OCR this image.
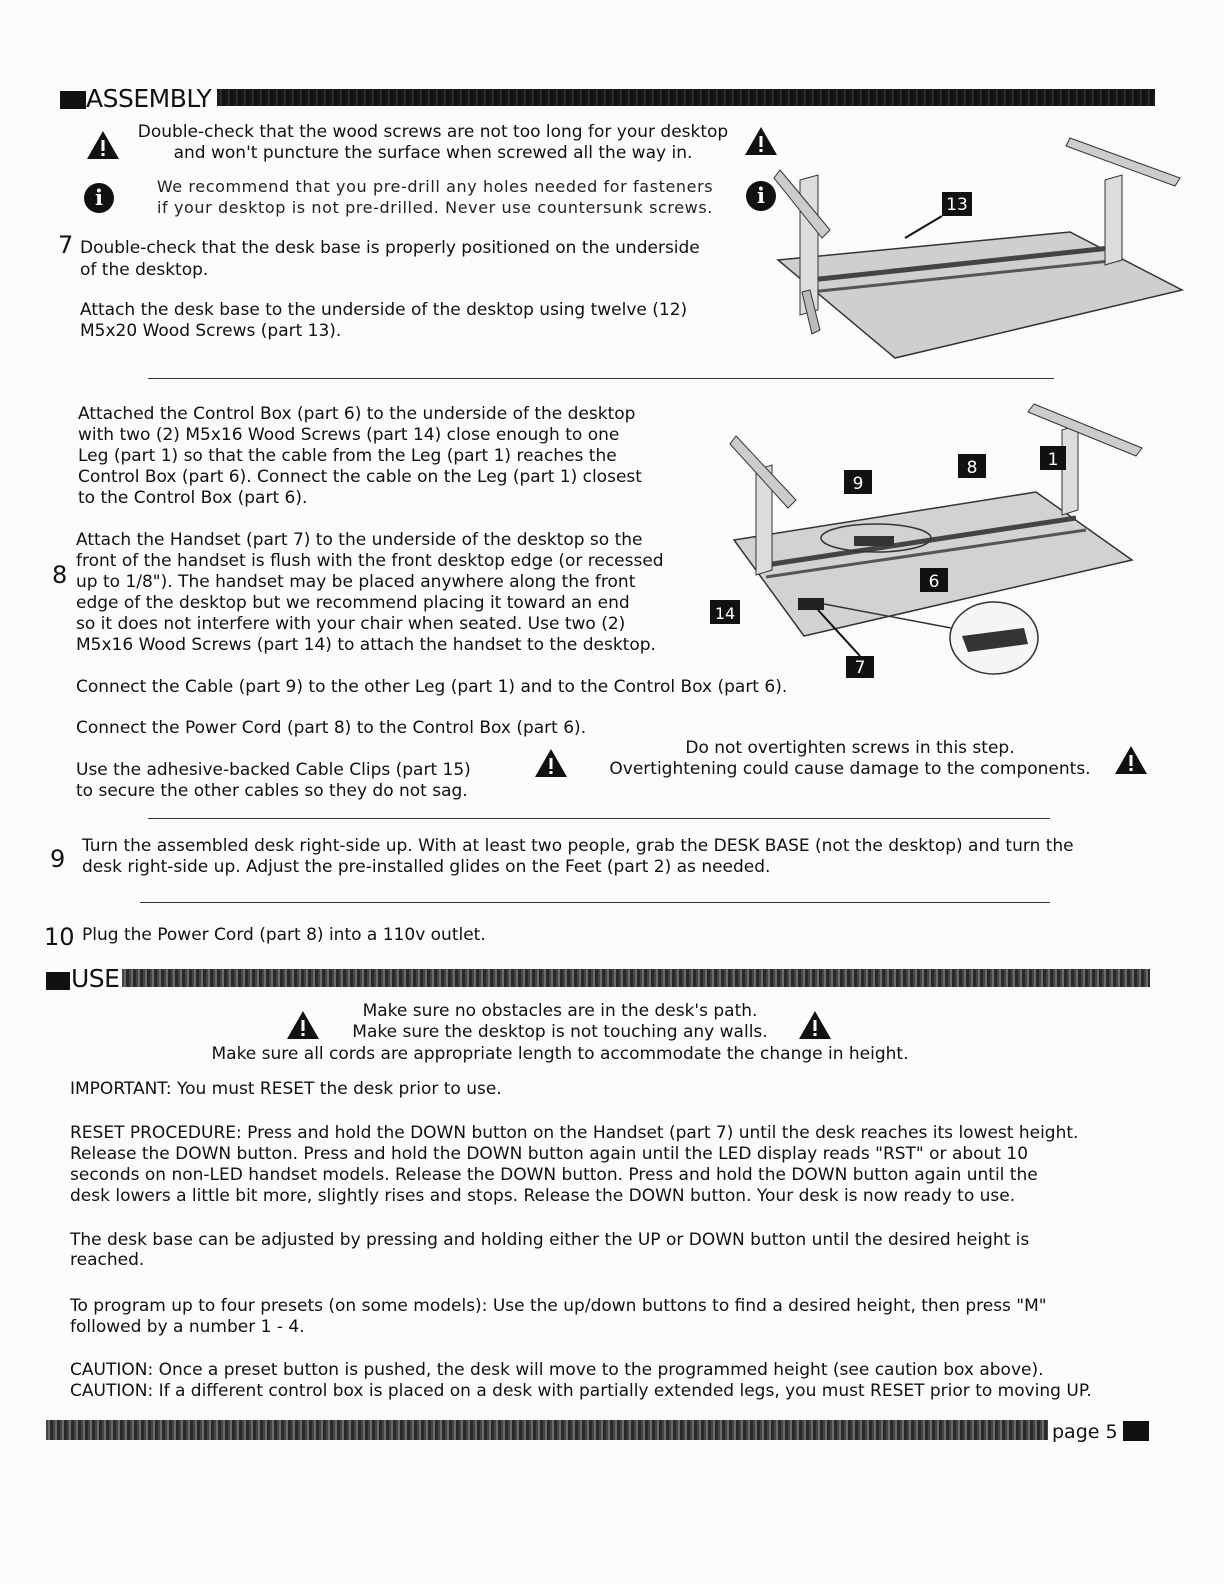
ASSEMBLY
Double-check that the wood screws are not too long for your desktop
and won't puncture the surface when screwed all the way in.
i	We recommend that you pre-drill any holes needed for fasteners
if your desktop is not pre-drilled. Never use countersunk screws.	i
7 Double-check that the desk base is properly positioned on the underside
of the desktop.
Attach the desk base to the underside of the desktop using twelve (12)
M5x20 Wood Screws (part 13).
13
Attached the Control Box (part 6) to the underside of the desktop
with two (2) M5x16 Wood Screws (part 14) close enough to one
Leg (part 1) so that the cable from the Leg (part 1) reaches the
Control Box (part 6). Connect the cable on the Leg (part 1) closest
to the Control Box (part 6).
8
Attach the Handset (part 7) to the underside of the desktop so the
front of the handset is flush with the front desktop edge (or recessed
up to 1/8"). The handset may be placed anywhere along the front
edge of the desktop but we recommend placing it toward an end
so it does not interfere with your chair when seated. Use two (2)
M5x16 Wood Screws (part 14) to attach the handset to the desktop.
9
8	1
6
14
7
Connect the Cable (part 9) to the other Leg (part 1) and to the Control Box (part 6).
Connect the Power Cord (part 8) to the Control Box (part 6).
Use the adhesive-backed Cable Clips (part 15)
to secure the other cables so they do not sag.
Do not overtighten screws in this step.
Overtightening could cause damage to the components.
9 Turn the assembled desk right-side up. With at least two people, grab the DESK BASE (not the desktop) and turn the
desk right-side up. Adjust the pre-installed glides on the Feet (part 2) as needed.
10 Plug the Power Cord (part 8) into a 110v outlet.
USE
Make sure no obstacles are in the desk's path.
Make sure the desktop is not touching any walls.
Make sure all cords are appropriate length to accommodate the change in height.
IMPORTANT: You must RESET the desk prior to use.
RESET PROCEDURE: Press and hold the DOWN button on the Handset (part 7) until the desk reaches its lowest height.
Release the DOWN button. Press and hold the DOWN button again until the LED display reads "RST" or about 10
seconds on non-LED handset models. Release the DOWN button. Press and hold the DOWN button again until the
desk lowers a little bit more, slightly rises and stops. Release the DOWN button. Your desk is now ready to use.
The desk base can be adjusted by pressing and holding either the UP or DOWN button until the desired height is
reached.
To program up to four presets (on some models): Use the up/down buttons to find a desired height, then press "M"
followed by a number 1 - 4.
CAUTION: Once a preset button is pushed, the desk will move to the programmed height (see caution box above).
CAUTION: If a different control box is placed on a desk with partially extended legs, you must RESET prior to moving UP.
page 5
